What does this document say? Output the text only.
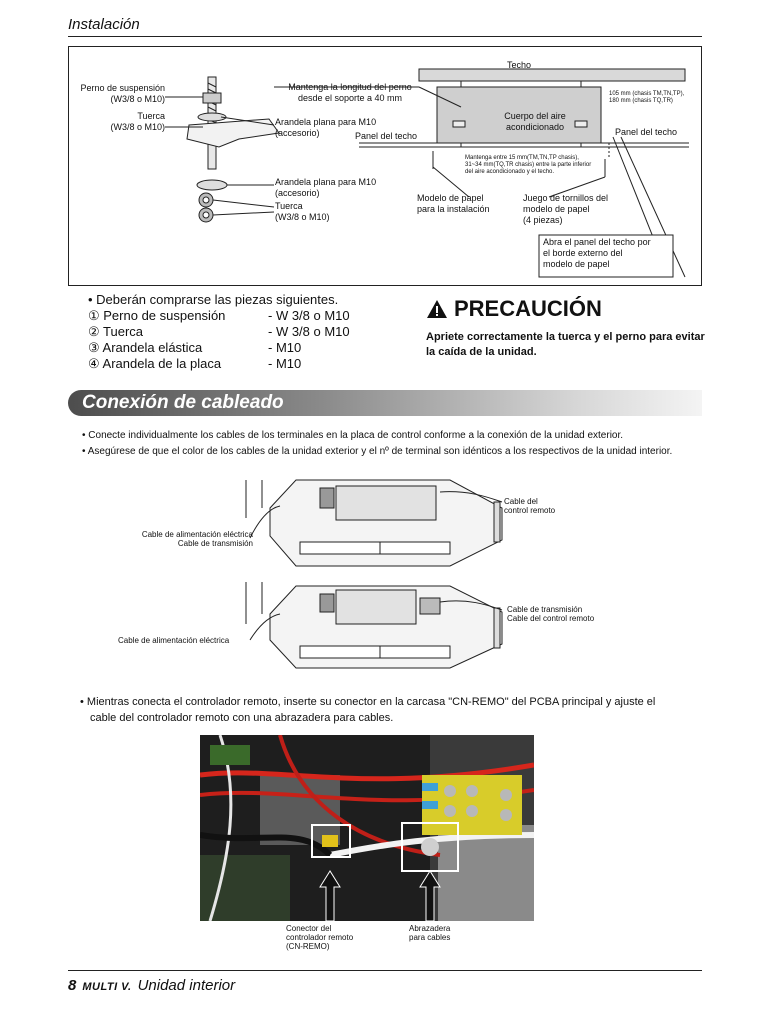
Instalación
Perno de suspensión
(W3/8 o M10)
Tuerca
(W3/8 o M10)	Arandela plana para M10
(accesorio)
Arandela plana para M10
(accesorio)
Tuerca
(W3/8 o M10)
Mantenga la longitud del perno
desde el soporte a 40 mm
Techo
Cuerpo del aire
acondicionado
Panel del techo	Panel del techo
105 mm (chasis TM,TN,TP),
180 mm (chasis TQ,TR)
Mantenga entre 15 mm(TM,TN,TP chasis),
31~34 mm(TQ,TR chasis) entre la parte inferior
del aire acondicionado y el techo.
Modelo de papel
para la instalación
Juego de tornillos del
modelo de papel
(4 piezas)
Abra el panel del techo por
el borde externo del
modelo de papel
• Deberán comprarse las piezas siguientes.
① Perno de suspensión	- W 3/8 o M10
② Tuerca	- W 3/8 o M10
③ Arandela elástica	- M10
④ Arandela de la placa	- M10
PRECAUCIÓN
Apriete correctamente la tuerca y el perno para evitar la caída de la unidad.
Conexión de cableado

• Conecte individualmente los cables de los terminales en la placa de control conforme a la conexión de la unidad exterior.

• Asegúrese de que el color de los cables de la unidad exterior y el nº de terminal son idénticos a los respectivos de la unidad interior.

Cable del
control remoto
Cable de alimentación eléctrica
Cable de transmisión
Cable de transmisión
Cable del control remoto
Cable de alimentación eléctrica
• Mientras conecta el controlador remoto, inserte su conector en la carcasa "CN-REMO" del PCBA principal y ajuste el cable del controlador remoto con una abrazadera para cables.
Conector del
controlador remoto
(CN-REMO)
Abrazadera
para cables
8 MULTI V. Unidad interior
